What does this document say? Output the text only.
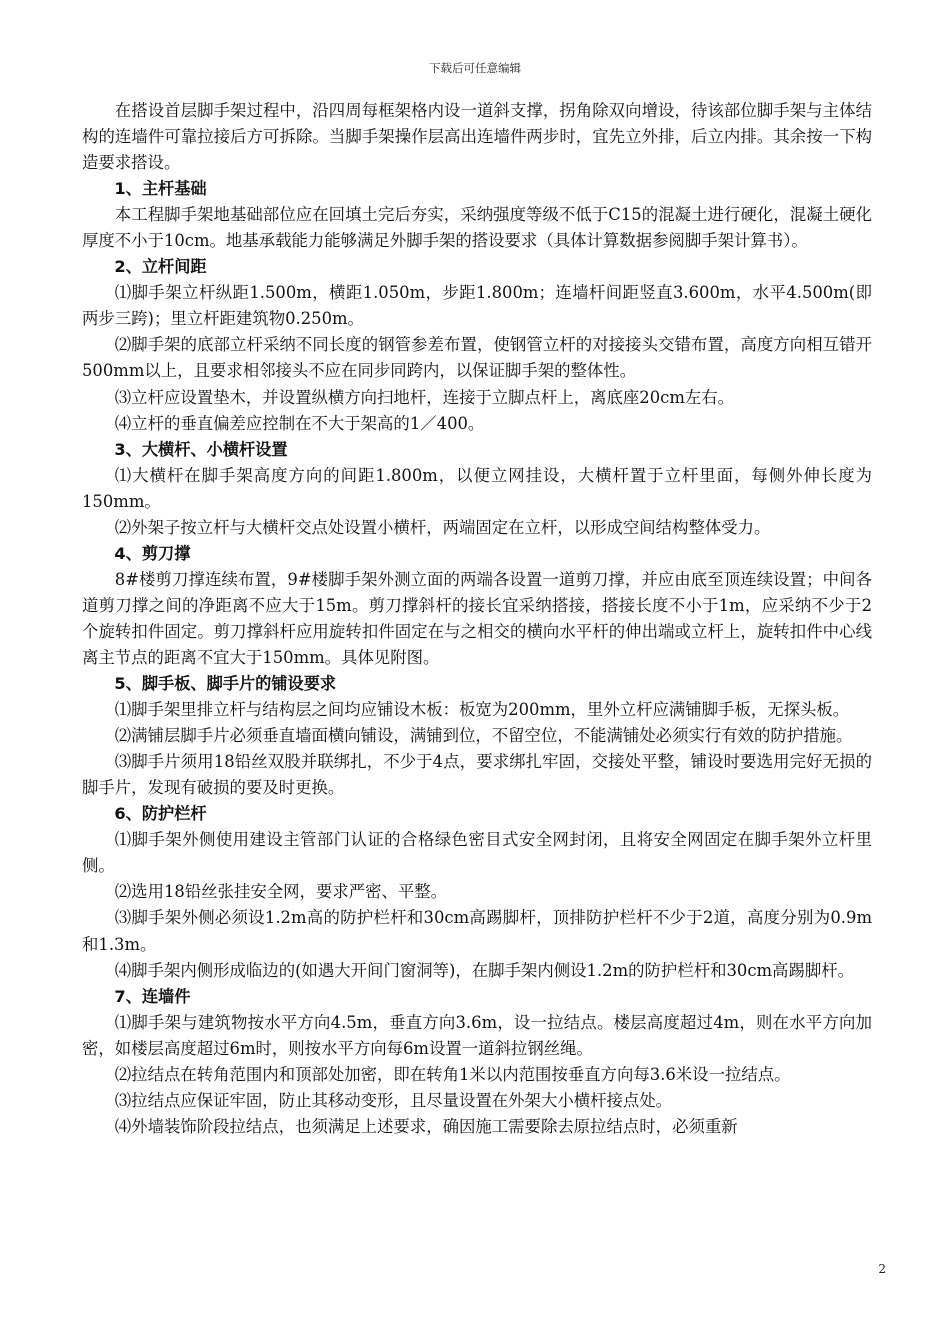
下载后可任意编辑

在搭设首层脚手架过程中，沿四周每框架格内设一道斜支撑，拐角除双向增设，待该部位脚手架与主体结构的连墙件可靠拉接后方可拆除。当脚手架操作层高出连墙件两步时，宜先立外排，后立内排。其余按一下构造要求搭设。

1、主杆基础

本工程脚手架地基础部位应在回填土完后夯实，采纳强度等级不低于C15的混凝土进行硬化，混凝土硬化厚度不小于10cm。地基承载能力能够满足外脚手架的搭设要求（具体计算数据参阅脚手架计算书）。

2、立杆间距

⑴脚手架立杆纵距1.500m，横距1.050m，步距1.800m；连墙杆间距竖直3.600m，水平4.500m(即两步三跨)；里立杆距建筑物0.250m。

⑵脚手架的底部立杆采纳不同长度的钢管参差布置，使钢管立杆的对接接头交错布置，高度方向相互错开500mm以上，且要求相邻接头不应在同步同跨内，以保证脚手架的整体性。

⑶立杆应设置垫木，并设置纵横方向扫地杆，连接于立脚点杆上，离底座20cm左右。

⑷立杆的垂直偏差应控制在不大于架高的1／400。

3、大横杆、小横杆设置

⑴大横杆在脚手架高度方向的间距1.800m，以便立网挂设，大横杆置于立杆里面，每侧外伸长度为150mm。

⑵外架子按立杆与大横杆交点处设置小横杆，两端固定在立杆，以形成空间结构整体受力。

4、剪刀撑

8#楼剪刀撑连续布置，9#楼脚手架外测立面的两端各设置一道剪刀撑，并应由底至顶连续设置；中间各道剪刀撑之间的净距离不应大于15m。剪刀撑斜杆的接长宜采纳搭接，搭接长度不小于1m，应采纳不少于2个旋转扣件固定。剪刀撑斜杆应用旋转扣件固定在与之相交的横向水平杆的伸出端或立杆上，旋转扣件中心线离主节点的距离不宜大于150mm。具体见附图。

5、脚手板、脚手片的铺设要求

⑴脚手架里排立杆与结构层之间均应铺设木板：板宽为200mm，里外立杆应满铺脚手板，无探头板。

⑵满铺层脚手片必须垂直墙面横向铺设，满铺到位，不留空位，不能满铺处必须实行有效的防护措施。

⑶脚手片须用18铅丝双股并联绑扎，不少于4点，要求绑扎牢固，交接处平整，铺设时要选用完好无损的脚手片，发现有破损的要及时更换。

6、防护栏杆

⑴脚手架外侧使用建设主管部门认证的合格绿色密目式安全网封闭，且将安全网固定在脚手架外立杆里侧。

⑵选用18铅丝张挂安全网，要求严密、平整。

⑶脚手架外侧必须设1.2m高的防护栏杆和30cm高踢脚杆，顶排防护栏杆不少于2道，高度分别为0.9m和1.3m。

⑷脚手架内侧形成临边的(如遇大开间门窗洞等)，在脚手架内侧设1.2m的防护栏杆和30cm高踢脚杆。

7、连墙件

⑴脚手架与建筑物按水平方向4.5m，垂直方向3.6m，设一拉结点。楼层高度超过4m，则在水平方向加密，如楼层高度超过6m时，则按水平方向每6m设置一道斜拉钢丝绳。

⑵拉结点在转角范围内和顶部处加密，即在转角1米以内范围按垂直方向每3.6米设一拉结点。

⑶拉结点应保证牢固，防止其移动变形，且尽量设置在外架大小横杆接点处。

⑷外墙装饰阶段拉结点，也须满足上述要求，确因施工需要除去原拉结点时，必须重新

2
